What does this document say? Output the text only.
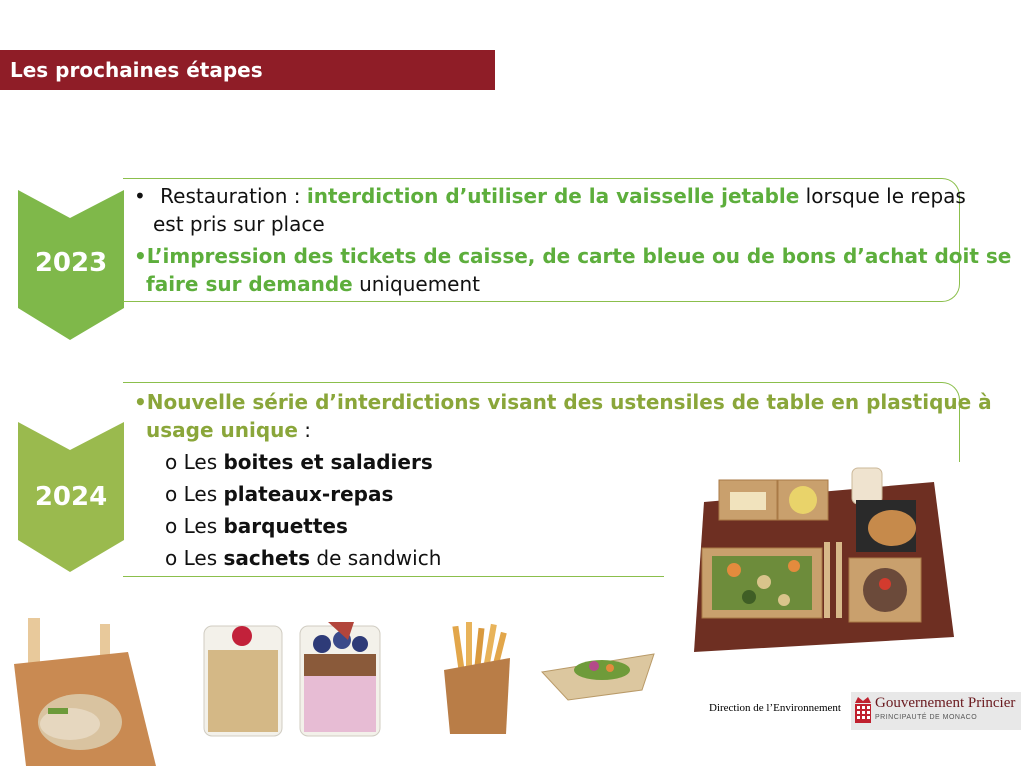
Les prochaines étapes
2023
• Restauration : interdiction d’utiliser de la vaisselle jetable lorsque le repas
est pris sur place
•L’impression des tickets de caisse, de carte bleue ou de bons d’achat doit se
faire sur demande uniquement
2024
•Nouvelle série d’interdictions visant des ustensiles de table en plastique à
usage unique :
o Les boites et saladiers
o Les plateaux-repas
o Les barquettes
o Les sachets de sandwich
Direction de l’Environnement Gouvernement Princier
PRINCIPAUTÉ DE MONACO
